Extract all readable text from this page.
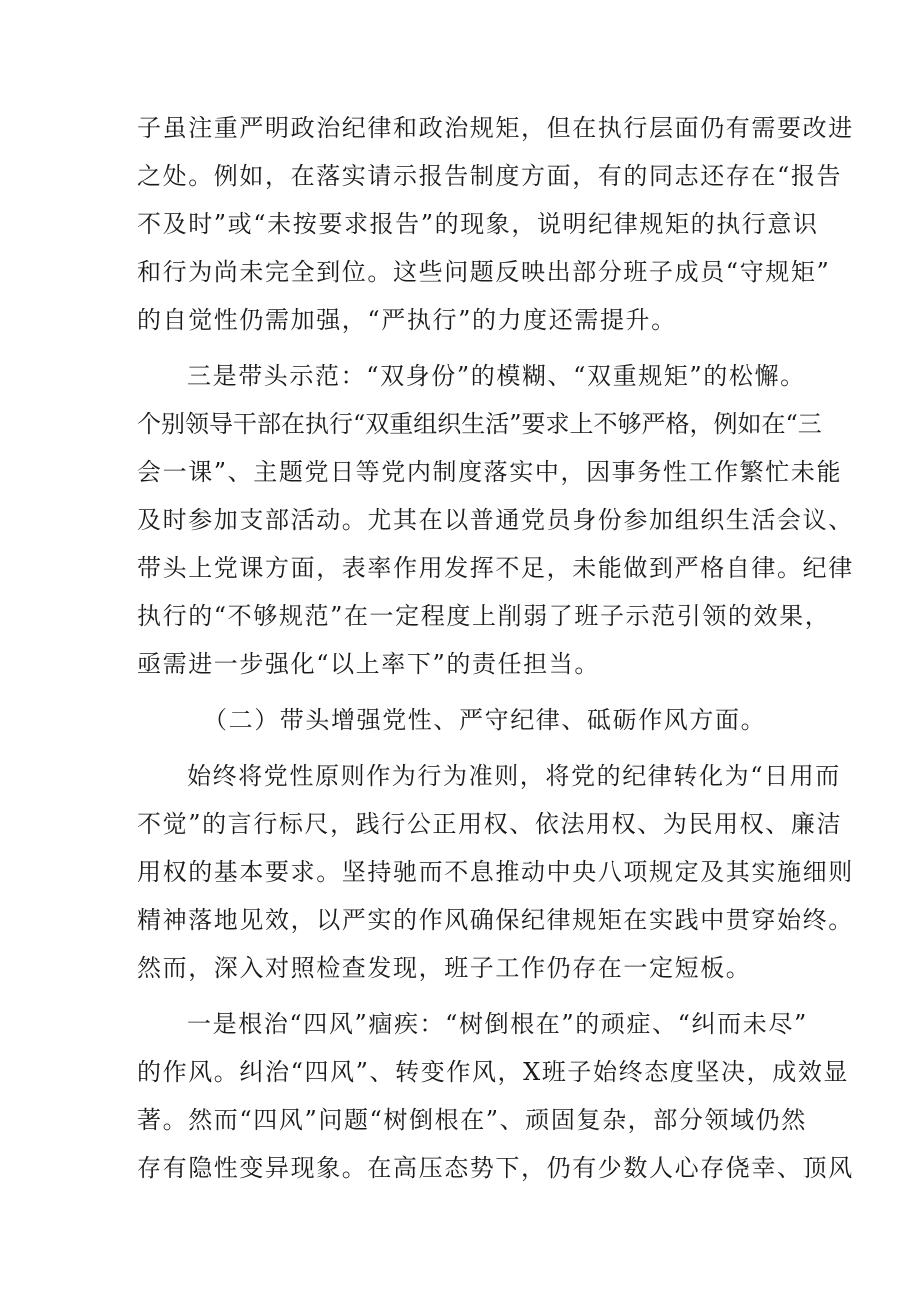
子虽注重严明政治纪律和政治规矩，但在执行层面仍有需要改进
之处。例如，在落实请示报告制度方面，有的同志还存在“报告
不及时”或“未按要求报告”的现象，说明纪律规矩的执行意识
和行为尚未完全到位。这些问题反映出部分班子成员“守规矩”
的自觉性仍需加强，“严执行”的力度还需提升。
三是带头示范：“双身份”的模糊、“双重规矩”的松懈。
个别领导干部在执行“双重组织生活”要求上不够严格，例如在“三
会一课”、主题党日等党内制度落实中，因事务性工作繁忙未能
及时参加支部活动。尤其在以普通党员身份参加组织生活会议、
带头上党课方面，表率作用发挥不足，未能做到严格自律。纪律
执行的“不够规范”在一定程度上削弱了班子示范引领的效果，
亟需进一步强化“以上率下”的责任担当。
（二）带头增强党性、严守纪律、砥砺作风方面。
始终将党性原则作为行为准则，将党的纪律转化为“日用而
不觉”的言行标尺，践行公正用权、依法用权、为民用权、廉洁
用权的基本要求。坚持驰而不息推动中央八项规定及其实施细则
精神落地见效，以严实的作风确保纪律规矩在实践中贯穿始终。
然而，深入对照检查发现，班子工作仍存在一定短板。
一是根治“四风”痼疾：“树倒根在”的顽症、“纠而未尽”
的作风。纠治“四风”、转变作风，X班子始终态度坚决，成效显
著。然而“四风”问题“树倒根在”、顽固复杂，部分领域仍然
存有隐性变异现象。在高压态势下，仍有少数人心存侥幸、顶风
